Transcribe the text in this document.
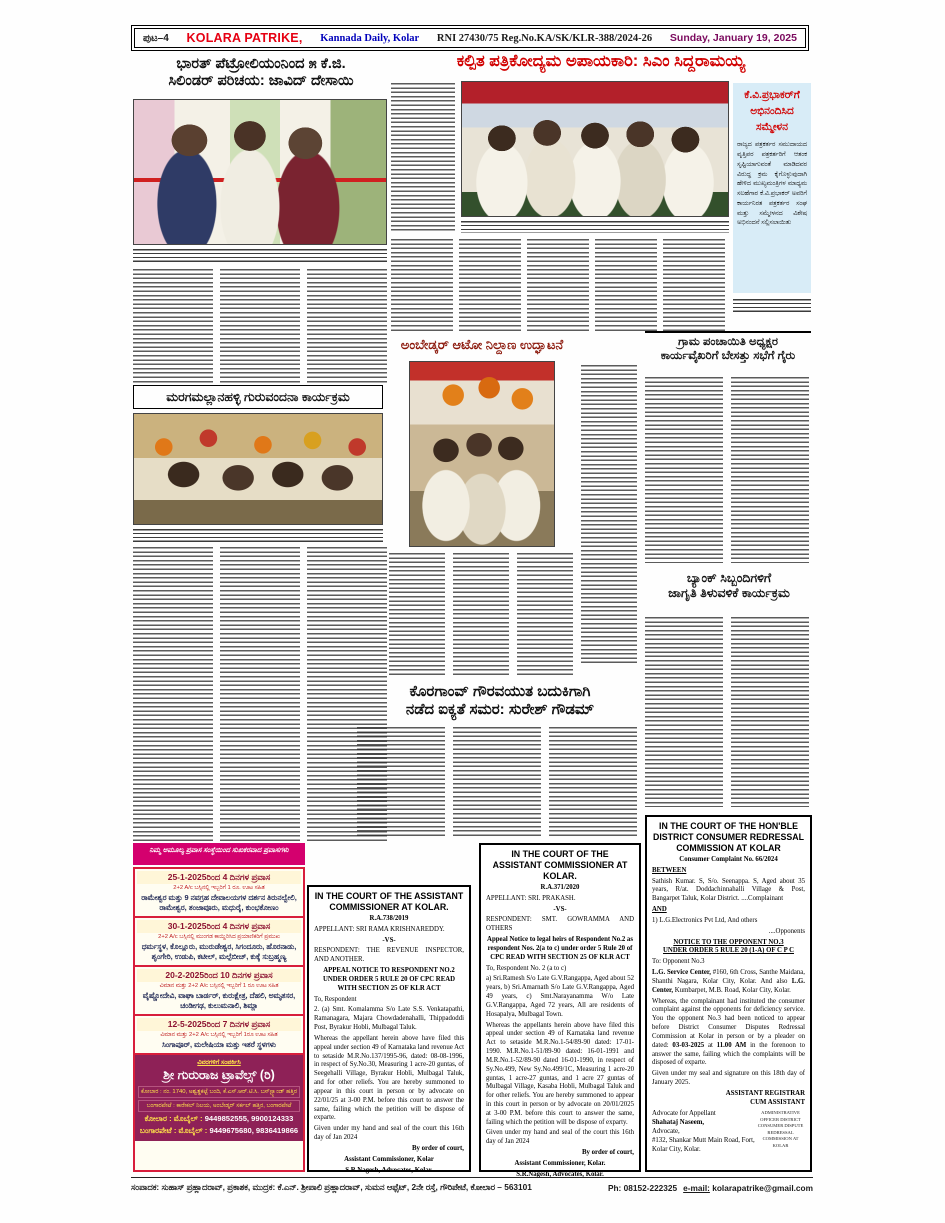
ಪುಟ–4 KOLARA PATRIKE, Kannada Daily, Kolar RNI 27430/75 Reg.No.KA/SK/KLR-388/2024-26 Sunday, January 19, 2025
ಭಾರತ್ ಪೆಟ್ರೋಲಿಯಂನಿಂದ ೫ ಕೆ.ಜಿ.
ಸಿಲಿಂಡರ್ ಪರಿಚಯ: ಜಾವಿದ್ ದೇಸಾಯಿ
ಕಲ್ಪಿತ ಪತ್ರಿಕೋದ್ಯಮ ಅಪಾಯಕಾರಿ: ಸಿಎಂ ಸಿದ್ದರಾಮಯ್ಯ
ಕೆ.ವಿ.ಪ್ರಭಾಕರ್‌ಗೆ
ಅಭಿನಂದಿಸಿದ
ಸಮ್ಮೇಳನ
ರಾಜ್ಯದ ಪತ್ರಕರ್ತರ ಸಮುದಾಯದ ವೃತ್ತಿಪರ ಪತ್ರಕರ್ತರಿಗೆ ಆತಂಕ ಸೃಷ್ಟಿಯಾಗುವಂತೆ ಮಾಡಿದವರ ವಿರುದ್ಧ ಕ್ರಮ ಕೈಗೊಳ್ಳುವುದಾಗಿ ಹೇಳಿದ ಮುಖ್ಯಮಂತ್ರಿಗಳ ಮಾಧ್ಯಮ ಸಲಹೆಗಾರ ಕೆ.ವಿ.ಪ್ರಭಾಕರ್ ಅವರಿಗೆ ಕಾರ್ಯನಿರತ ಪತ್ರಕರ್ತರ ಸಂಘ ಮತ್ತು ಸಮ್ಮೇಳನದ ವಿಶೇಷ ಅಭಿನಂದನೆ ಸಲ್ಲಿಸಲಾಯಿತು
ಗ್ರಾಮ ಪಂಚಾಯಿತಿ ಅಧ್ಯಕ್ಷರ
ಕಾರ್ಯವೈಖರಿಗೆ ಬೇಸತ್ತು ಸಭೆಗೆ ಗೈರು
ಬ್ಯಾಂಕ್ ಸಿಬ್ಬಂದಿಗಳಿಗೆ
ಜಾಗೃತಿ ತಿಳುವಳಿಕೆ ಕಾರ್ಯಕ್ರಮ
ಅಂಬೇಡ್ಕರ್ ಆಟೋ ನಿಲ್ದಾಣ ಉದ್ಘಾಟನೆ
ಮರಗಮಲ್ಲಾನಹಳ್ಳಿ ಗುರುವಂದನಾ ಕಾರ್ಯಕ್ರಮ
ಕೊರಗಾಂವ್ ಗೌರವಯುತ ಬದುಕಿಗಾಗಿ
ನಡೆದ ಐಕ್ಯತೆ ಸಮರ: ಸುರೇಶ್ ಗೌಡಮ್
ನಿಮ್ಮ ಅಮೂಲ್ಯ ಪ್ರವಾಸ ಸಂಸ್ಥೆಯಿಂದ ಸುಖಕರವಾದ ಪ್ರವಾಸಗಳು
25-1-2025ರಿಂದ 4 ದಿನಗಳ ಪ್ರವಾಸ
2+2 A/c ಬಸ್ಸಿನಲ್ಲಿ ಇಬ್ಬರಿಗೆ 1 ರೂ. ಊಟ ಸಹಿತ
ರಾಮೇಶ್ವರ ಮತ್ತು 9 ನವಗ್ರಹ ದೇವಾಲಯಗಳ ದರ್ಶನ ತಿರುನಲ್ವೇಲಿ, ರಾಮೇಶ್ವರ, ತಂಜಾವೂರು, ಮಧುರೈ, ಕುಂಭಕೋಣಂ
30-1-2025ರಿಂದ 4 ದಿನಗಳ ಪ್ರವಾಸ
2+2 A/c ಬಸ್ಸಿನಲ್ಲಿ ಮುಂಗಡ ಕಾಯ್ದಿರಿಸಿದ ಪ್ರಯಾಣಿಕರಿಗೆ ಪ್ರಮುಖ
ಧರ್ಮಸ್ಥಳ, ಕೊಲ್ಲೂರು, ಮುರುಡೇಶ್ವರ, ಸಿಗಂದೂರು, ಹೊರನಾಡು, ಶೃಂಗೇರಿ, ಉಡುಪಿ, ಕಟೀಲ್, ಮಲ್ಪೆಬೀಚ್, ಕುಕ್ಕೆ ಸುಬ್ರಹ್ಮಣ್ಯ
20-2-2025ರಿಂದ 10 ದಿನಗಳ ಪ್ರವಾಸ
ವಿಮಾನ ಮತ್ತು 2+2 A/c ಬಸ್ಸಿನಲ್ಲಿ ಇಬ್ಬರಿಗೆ 1 ರೂ ಊಟ ಸಹಿತ
ವೈಷ್ಣೋದೇವಿ, ವಾಘಾ ಬಾರ್ಡರ್, ಕುರುಕ್ಷೇತ್ರ, ದೆಹಲಿ, ಅಮೃತಸರ, ಚಂಡೀಗಢ, ಕುಲುಮನಾಲಿ, ಶಿಮ್ಲಾ
12-5-2025ರಿಂದ 7 ದಿನಗಳ ಪ್ರವಾಸ
ವಿಮಾನ ಮತ್ತು 2+2 A/c ಬಸ್ಸಿನಲ್ಲಿ ಇಬ್ಬರಿಗೆ 1ರೂ ಊಟ ಸಹಿತ
ಸಿಂಗಾಪೂರ್, ಮಲೇಷಿಯಾ ಮತ್ತು ಇತರೆ ಸ್ಥಳಗಳು
ವಿವರಗಳಿಗೆ ಸಂಪರ್ಕಿಸಿ
ಶ್ರೀ ಗುರುರಾಜ ಟ್ರಾವೆಲ್ಸ್ (ರಿ)
ಕೋಲಾರ : ನಂ. 1740, ಅಶ್ವತ್ಥಕಟ್ಟೆ ಬಂದಿ, ಕೆ.ಎಸ್.ಆರ್.ಟಿ.ಸಿ. ಬಸ್‌ಸ್ಟ್ಯಾಂಡ್ ಹತ್ತಿರ
ಬಂಗಾರಪೇಟೆ : ಕಾರೇಕಲ್ ನಿಲಯ, ಅಂಬೇಡ್ಕರ್ ಸರ್ಕಲ್ ಹತ್ತಿರ, ಬಂಗಾರಪೇಟೆ
ಕೋಲಾರ : ಮೊಬೈಲ್ : 9449852555, 9900124333
ಬಂಗಾರಪೇಟೆ : ಮೊಬೈಲ್ : 9449675680, 9836419866
IN THE COURT OF THE ASSISTANT COMMISSIONER AT KOLAR.
R.A.738/2019
APPELLANT: SRI RAMA KRISHNAREDDY.
-VS-
RESPONDENT: THE REVENUE INSPECTOR, AND ANOTHER.
APPEAL NOTICE TO RESPONDENT NO.2 UNDER ORDER 5 RULE 20 OF CPC READ WITH SECTION 25 OF KLR ACT
To, Respondent
2. (a) Smt. Komalamma S/o Late S.S. Venkatapathi, Ramanagara, Majara Chowdadenahalli, Thippadoddi Post, Byrakur Hobli, Mulbagal Taluk.
Whereas the appellant herein above have filed this appeal under section 49 of Karnataka land revenue Act to setaside M.R.No.137/1995-96, dated: 08-08-1996, in respect of Sy.No.30, Measuring 1 acre-20 guntas, of Seegehalli Village, Byrakur Hobli, Mulbagal Taluk, and for other reliefs. You are hereby summoned to appear in this court in person or by advocate on 22/01/25 at 3-00 P.M. before this court to answer the same, failing which the petition will be dispose of exparte.
Given under my hand and seal of the court this 16th day of Jan 2024
By order of court,
Assistant Commissioner, Kolar
S.R.Nagesh, Advocates, Kolar.
IN THE COURT OF THE ASSISTANT COMMISSIONER AT KOLAR.
R.A.371/2020
APPELLANT: SRI. PRAKASH.
-VS-
RESPONDENT: SMT. GOWRAMMA AND OTHERS
Appeal Notice to legal heirs of Respondent No.2 as respondent Nos. 2(a to c) under order 5 Rule 20 of CPC READ WITH SECTION 25 OF KLR ACT
To, Respondent No. 2 (a to c)
a) Sri.Ramesh S/o Late G.V.Rangappa, Aged about 52 years, b) Sri.Amarnath S/o Late G.V.Rangappa, Aged 49 years, c) Smt.Narayanamma W/o Late G.V.Rangappa, Aged 72 years, All are residents of Hosapalya, Mulbagal Town.
Whereas the appellants herein above have filed this appeal under section 49 of Karnataka land revenue Act to setaside M.R.No.1-54/89-90 dated: 17-01-1990. M.R.No.1-51/89-90 dated: 16-01-1991 and M.R.No.1-52/89-90 dated 16-01-1990, in respect of Sy.No.499, New Sy.No.499/1C, Measuring 1 acre-20 guntas, 1 acre-27 guntas, and 1 acre 27 guntas of Mulbagal Village, Kasaba Hobli, Mulbagal Taluk and for other reliefs. You are hereby summoned to appear in this court in person or by advocate on 20/01/2025 at 3-00 P.M. before this court to answer the same, failing which the petition will be dispose of exparty.
Given under my hand and seal of the court this 16th day of Jan 2024
By order of court,
Assistant Commissioner, Kolar.
S.R.Nagesh, Advocates, Kolar.
IN THE COURT OF THE HON'BLE
DISTRICT CONSUMER REDRESSAL
COMMISSION AT KOLAR
Consumer Complaint No. 66/2024
BETWEEN
Sathish Kumar. S, S/o. Seenappa. S, Aged about 35 years, R/at. Doddachinnahalli Village & Post, Bangarpet Taluk, Kolar District. ....Complainant
AND
1) L.G.Electronics Pvt Ltd, And others
....Opponents
NOTICE TO THE OPPONENT NO.3
UNDER ORDER 5 RULE 20 (1-A) OF C P C
To: Opponent No.3
L.G. Service Center, #160, 6th Cross, Santhe Maidana, Shanthi Nagara, Kolar City, Kolar. And also L.G. Center, Kumbarpet, M.B. Road, Kolar City, Kolar.
Whereas, the complainant had instituted the consumer complaint against the opponents for deficiency service. You the opponent No.3 had been noticed to appear before District Consumer Disputes Redressal Commission at Kolar in person or by a pleader on dated: 03-03-2025 at 11.00 AM in the forenoon to answer the same, failing which the complaints will be disposed of exparte.
Given under my seal and signature on this 18th day of January 2025.
ASSISTANT REGISTRAR
CUM ASSISTANT
Advocate for Appellant
Shahataj Naseem,
Advocate,
#132, Shankar Mutt Main Road, Fort, Kolar City, Kolar.
ADMINISTRATIVE OFFICER DISTRICT CONSUMER DISPUTE REDRESSAL COMMISSION AT KOLAR
ಸಂಪಾದಕ: ಸುಹಾಸ್ ಪ್ರಹ್ಲಾದರಾವ್, ಪ್ರಕಾಶಕ, ಮುದ್ರಕ: ಕೆ.ಎನ್. ಶ್ರೀಪಾಲಿ ಪ್ರಹ್ಲಾದರಾವ್, ಸುಮನ ಆಫ್ಸೆಟ್, 2ನೇ ರಸ್ತೆ, ಗೌರಿಪೇಟೆ, ಕೋಲಾರ – 563101	Ph: 08152-222325 e-mail: kolarapatrike@gmail.com
